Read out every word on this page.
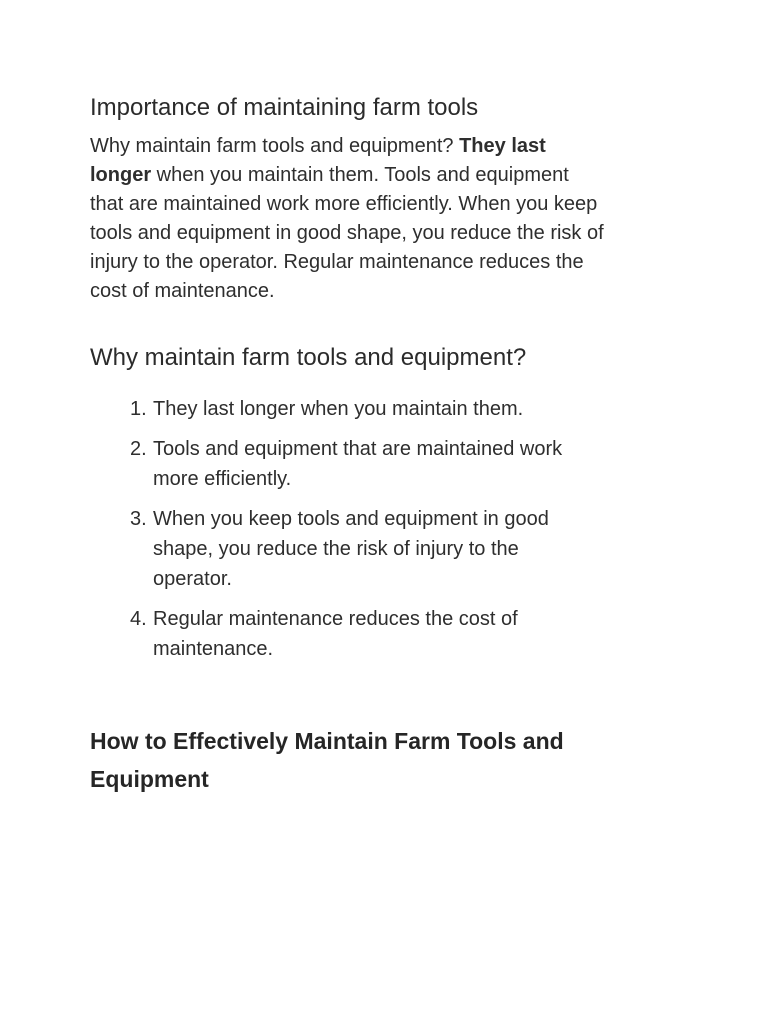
Importance of maintaining farm tools
Why maintain farm tools and equipment? They last
longer when you maintain them. Tools and equipment
that are maintained work more efficiently. When you keep
tools and equipment in good shape, you reduce the risk of
injury to the operator. Regular maintenance reduces the
cost of maintenance.
Why maintain farm tools and equipment?
1. They last longer when you maintain them.
2. Tools and equipment that are maintained work
more efficiently.
3. When you keep tools and equipment in good
shape, you reduce the risk of injury to the
operator.
4. Regular maintenance reduces the cost of
maintenance.
How to Effectively Maintain Farm Tools and
Equipment
